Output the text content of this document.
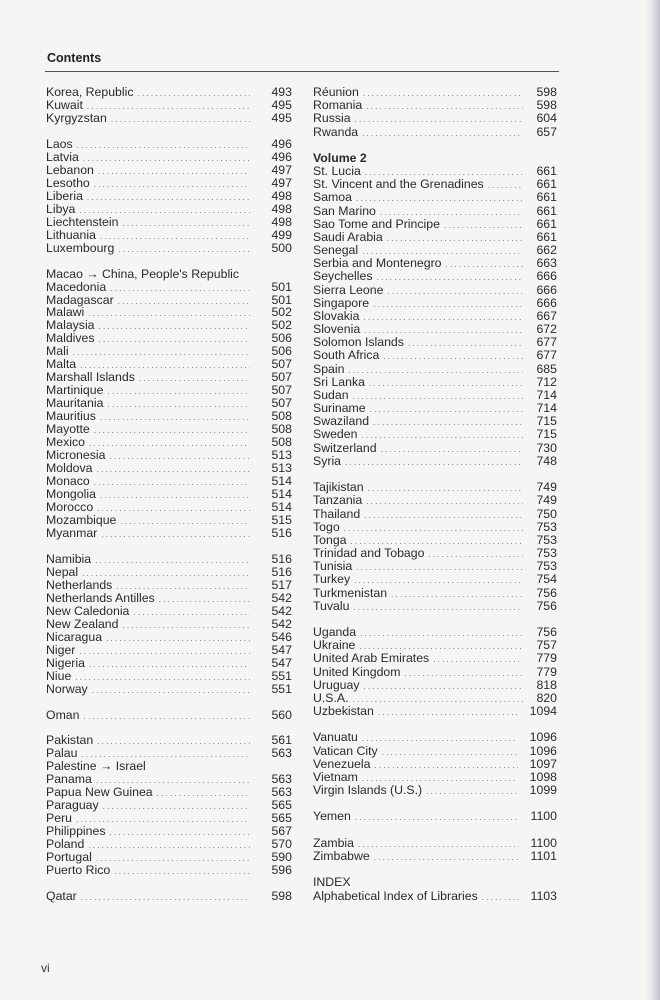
Contents
Korea, Republic . . .	493
Kuwait . . .	495
Kyrgyzstan . . .	495
Laos . . .	496
Latvia . . .	496
Lebanon . . .	497
Lesotho . . .	497
Liberia . . .	498
Libya . . .	498
Liechtenstein . . .	498
Lithuania . . .	499
Luxembourg . . .	500
Macao → China, People's Republic
Macedonia . . .	501
Madagascar . . .	501
Malawi . . .	502
Malaysia . . .	502
Maldives . . .	506
Mali . . .	506
Malta . . .	507
Marshall Islands . . .	507
Martinique . . .	507
Mauritania . . .	507
Mauritius . . .	508
Mayotte . . .	508
Mexico . . .	508
Micronesia . . .	513
Moldova . . .	513
Monaco . . .	514
Mongolia . . .	514
Morocco . . .	514
Mozambique . . .	515
Myanmar . . .	516
Namibia . . .	516
Nepal . . .	516
Netherlands . . .	517
Netherlands Antilles . . .	542
New Caledonia . . .	542
New Zealand . . .	542
Nicaragua . . .	546
Niger . . .	547
Nigeria . . .	547
Niue . . .	551
Norway . . .	551
Oman . . .	560
Pakistan . . .	561
Palau . . .	563
Palestine → Israel
Panama . . .	563
Papua New Guinea . . .	563
Paraguay . . .	565
Peru . . .	565
Philippines . . .	567
Poland . . .	570
Portugal . . .	590
Puerto Rico . . .	596
Qatar . . .	598
Réunion . . .	598
Romania . . .	598
Russia . . .	604
Rwanda . . .	657
Volume 2
St. Lucia . . .	661
St. Vincent and the Grenadines . . .	661
Samoa . . .	661
San Marino . . .	661
Sao Tome and Principe . . .	661
Saudi Arabia . . .	661
Senegal . . .	662
Serbia and Montenegro . . .	663
Seychelles . . .	666
Sierra Leone . . .	666
Singapore . . .	666
Slovakia . . .	667
Slovenia . . .	672
Solomon Islands . . .	677
South Africa . . .	677
Spain . . .	685
Sri Lanka . . .	712
Sudan . . .	714
Suriname . . .	714
Swaziland . . .	715
Sweden . . .	715
Switzerland . . .	730
Syria . . .	748
Tajikistan . . .	749
Tanzania . . .	749
Thailand . . .	750
Togo . . .	753
Tonga . . .	753
Trinidad and Tobago . . .	753
Tunisia . . .	753
Turkey . . .	754
Turkmenistan . . .	756
Tuvalu . . .	756
Uganda . . .	756
Ukraine . . .	757
United Arab Emirates . . .	779
United Kingdom . . .	779
Uruguay . . .	818
U.S.A. . . .	820
Uzbekistan . . .	1094
Vanuatu . . .	1096
Vatican City . . .	1096
Venezuela . . .	1097
Vietnam . . .	1098
Virgin Islands (U.S.) . . .	1099
Yemen . . .	1100
Zambia . . .	1100
Zimbabwe . . .	1101
INDEX
Alphabetical Index of Libraries . . .	1103
vi
